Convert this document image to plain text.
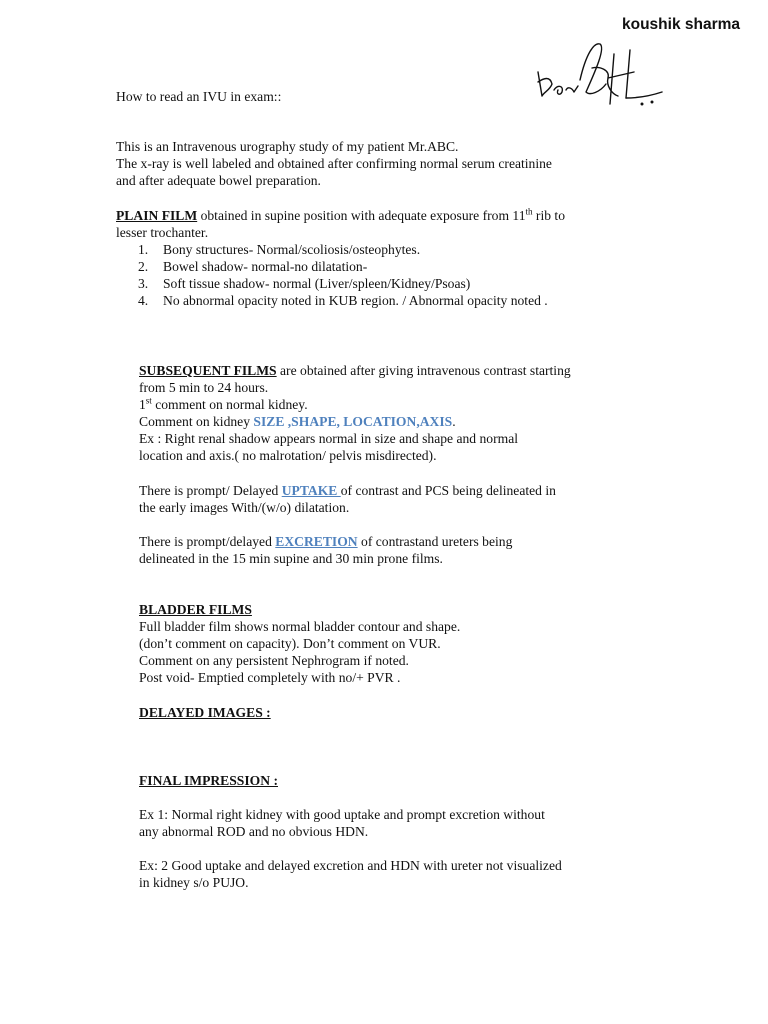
koushik sharma
How to read an IVU in exam::
This is an Intravenous urography study of my patient Mr.ABC.
The x-ray is well labeled and obtained after confirming normal serum creatinine
and after adequate bowel preparation.
PLAIN FILM obtained in supine position with adequate exposure from 11th rib to
lesser trochanter.
1. Bony structures- Normal/scoliosis/osteophytes.
2. Bowel shadow- normal-no dilatation-
3. Soft tissue shadow- normal (Liver/spleen/Kidney/Psoas)
4. No abnormal opacity noted in KUB region. / Abnormal opacity noted .
SUBSEQUENT FILMS are obtained after giving intravenous contrast starting
from 5 min to 24 hours.
1st comment on normal kidney.
Comment on kidney SIZE ,SHAPE, LOCATION,AXIS.
Ex : Right renal shadow appears normal in size and shape and normal
location and axis.( no malrotation/ pelvis misdirected).
There is prompt/ Delayed UPTAKE of contrast and PCS being delineated in
the early images With/(w/o) dilatation.
There is prompt/delayed EXCRETION of contrastand ureters being
delineated in the 15 min supine and 30 min prone films.
BLADDER FILMS
Full bladder film shows normal bladder contour and shape.
(don’t comment on capacity). Don’t comment on VUR.
Comment on any persistent Nephrogram if noted.
Post void- Emptied completely with no/+ PVR .
DELAYED IMAGES :
FINAL IMPRESSION :
Ex 1: Normal right kidney with good uptake and prompt excretion without
any abnormal ROD and no obvious HDN.
Ex: 2 Good uptake and delayed excretion and HDN with ureter not visualized
in kidney s/o PUJO.
